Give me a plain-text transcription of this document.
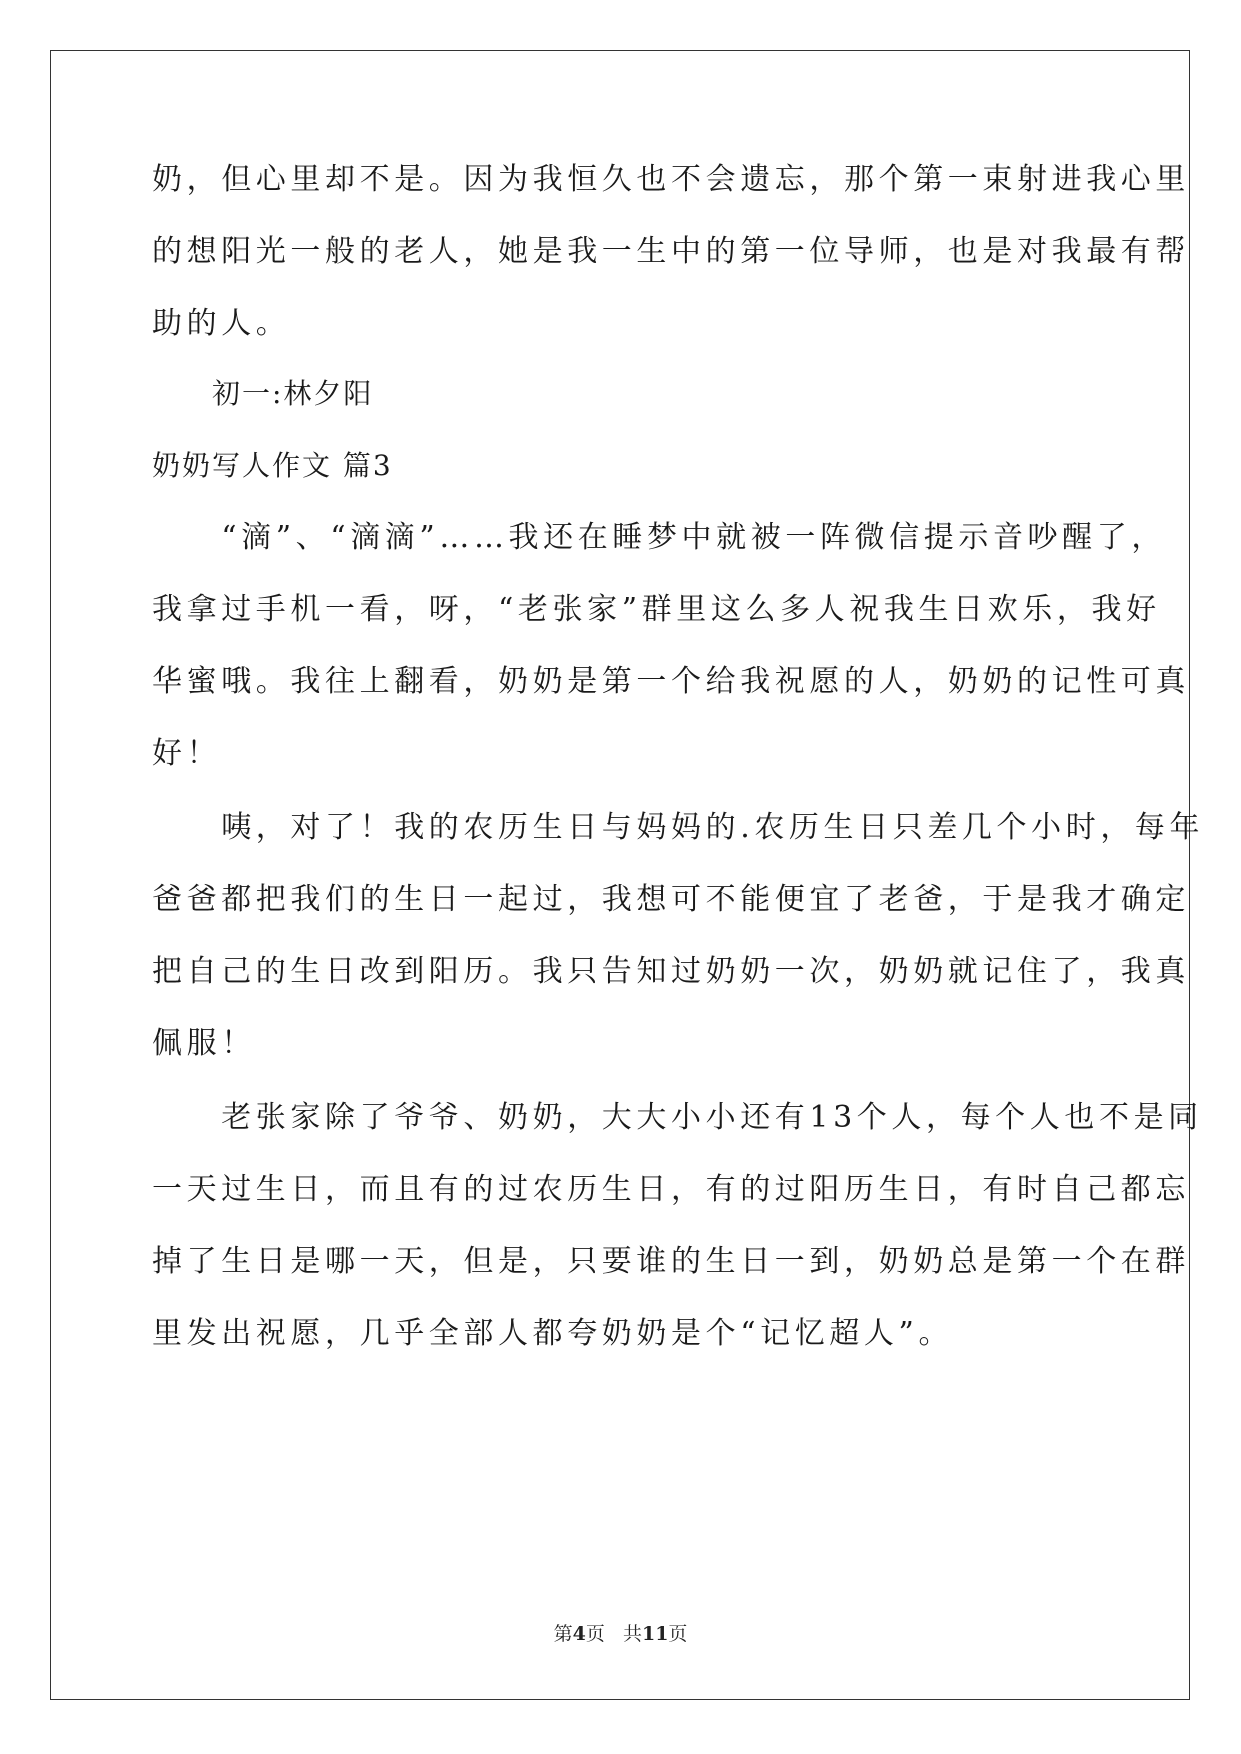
奶，但心里却不是。因为我恒久也不会遗忘，那个第一束射进我心里
的想阳光一般的老人，她是我一生中的第一位导师，也是对我最有帮
助的人。
　　初一:林夕阳
奶奶写人作文 篇3
　　“滴”、“滴滴”……我还在睡梦中就被一阵微信提示音吵醒了，
我拿过手机一看，呀，“老张家”群里这么多人祝我生日欢乐，我好
华蜜哦。我往上翻看，奶奶是第一个给我祝愿的人，奶奶的记性可真
好！
　　咦，对了！我的农历生日与妈妈的.农历生日只差几个小时，每年
爸爸都把我们的生日一起过，我想可不能便宜了老爸，于是我才确定
把自己的生日改到阳历。我只告知过奶奶一次，奶奶就记住了，我真
佩服！
　　老张家除了爷爷、奶奶，大大小小还有13个人，每个人也不是同
一天过生日，而且有的过农历生日，有的过阳历生日，有时自己都忘
掉了生日是哪一天，但是，只要谁的生日一到，奶奶总是第一个在群
里发出祝愿，几乎全部人都夸奶奶是个“记忆超人”。
第4页 共11页
